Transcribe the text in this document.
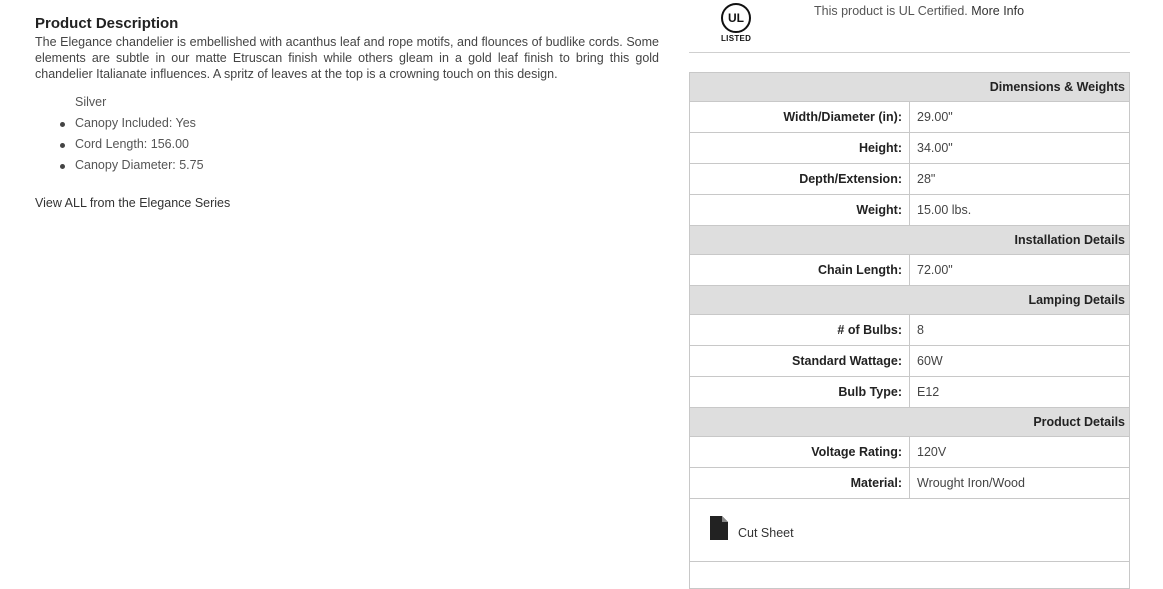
Product Description

The Elegance chandelier is embellished with acanthus leaf and rope motifs, and flounces of budlike cords. Some elements are subtle in our matte Etruscan finish while others gleam in a gold leaf finish to bring this gold chandelier Italianate influences. A spritz of leaves at the top is a crowning touch on this design.

Silver
Canopy Included: Yes
Cord Length: 156.00
Canopy Diameter: 5.75
View ALL from the Elegance Series
UL
LISTED
This product is UL Certified. More Info
Dimensions & Weights	
Width/Diameter (in):	29.00"
Height:	34.00"
Depth/Extension:	28"
Weight:	15.00 lbs.
Installation Details	
Chain Length:	72.00"
Lamping Details	
# of Bulbs:	8
Standard Wattage:	60W
Bulb Type:	E12
Product Details	
Voltage Rating:	120V
Material:	Wrought Iron/Wood
Cut Sheet
